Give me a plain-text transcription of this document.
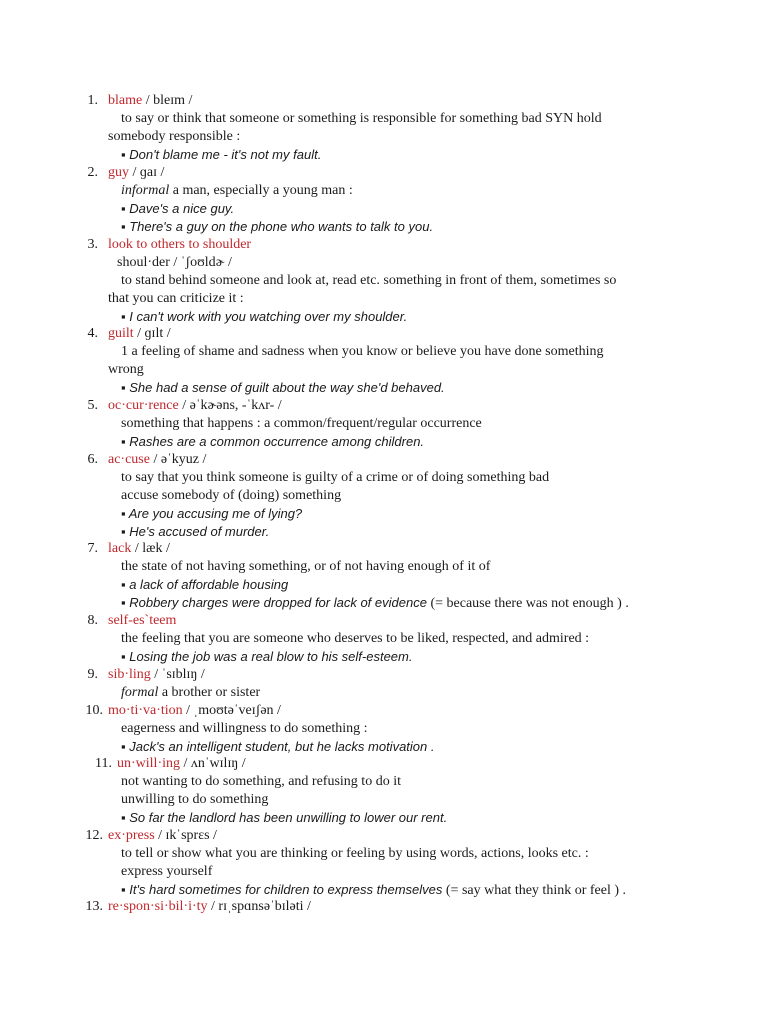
1. blame / bleɪm /
to say or think that someone or something is responsible for something bad SYN hold
somebody responsible :
▪ Don't blame me - it's not my fault.
2. guy / ɡaɪ /
informal a man, especially a young man :
▪ Dave's a nice guy.
▪ There's a guy on the phone who wants to talk to you.
3. look to others to shoulder
shoul·der / ˈʃoʊldɚ /
to stand behind someone and look at, read etc. something in front of them, sometimes so
that you can criticize it :
▪ I can't work with you watching over my shoulder.
4. guilt / ɡɪlt /
1 a feeling of shame and sadness when you know or believe you have done something
wrong
▪ She had a sense of guilt about the way she'd behaved.
5. oc·cur·rence / əˈkɚəns, -ˈkʌr- /
something that happens : a common/frequent/regular occurrence
▪ Rashes are a common occurrence among children.
6. ac·cuse / əˈkyuz /
to say that you think someone is guilty of a crime or of doing something bad
accuse somebody of (doing) something
▪ Are you accusing me of lying?
▪ He's accused of murder.
7. lack / læk /
the state of not having something, or of not having enough of it of
▪ a lack of affordable housing
▪ Robbery charges were dropped for lack of evidence (= because there was not enough ) .
8. self-es`teem
the feeling that you are someone who deserves to be liked, respected, and admired :
▪ Losing the job was a real blow to his self-esteem.
9. sib·ling / ˈsɪblɪŋ /
formal a brother or sister
10. mo·ti·va·tion / ˌmoʊtəˈveɪʃən /
eagerness and willingness to do something :
▪ Jack's an intelligent student, but he lacks motivation .
11. un·will·ing / ʌnˈwɪlɪŋ /
not wanting to do something, and refusing to do it
unwilling to do something
▪ So far the landlord has been unwilling to lower our rent.
12. ex·press / ɪkˈsprɛs /
to tell or show what you are thinking or feeling by using words, actions, looks etc. :
express yourself
▪ It's hard sometimes for children to express themselves (= say what they think or feel ) .
13. re·spon·si·bil·i·ty / rɪˌspɑnsəˈbɪləti /
